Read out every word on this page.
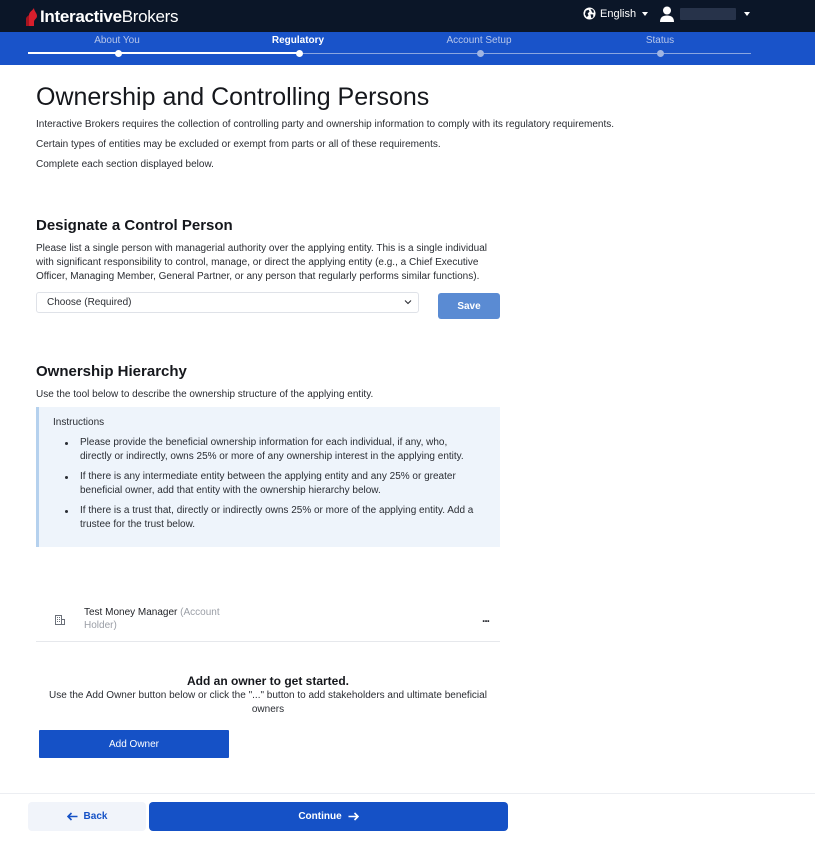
InteractiveBrokers	English
About You	Regulatory	Account Setup	Status
Ownership and Controlling Persons

Interactive Brokers requires the collection of controlling party and ownership information to comply with its regulatory requirements.

Certain types of entities may be excluded or exempt from parts or all of these requirements.

Complete each section displayed below.

Designate a Control Person

Please list a single person with managerial authority over the applying entity. This is a single individual with significant responsibility to control, manage, or direct the applying entity (e.g., a Chief Executive Officer, Managing Member, General Partner, or any person that regularly performs similar functions).

Choose (Required)	Save
Ownership Hierarchy

Use the tool below to describe the ownership structure of the applying entity.

Instructions
Please provide the beneficial ownership information for each individual, if any, who, directly or indirectly, owns 25% or more of any ownership interest in the applying entity.
If there is any intermediate entity between the applying entity and any 25% or greater beneficial owner, add that entity with the ownership hierarchy below.
If there is a trust that, directly or indirectly owns 25% or more of the applying entity. Add a trustee for the trust below.
Test Money Manager (Account Holder)
...
Add an owner to get started.
Use the Add Owner button below or click the "..." button to add stakeholders and ultimate beneficial owners
Add Owner
Back	Continue
